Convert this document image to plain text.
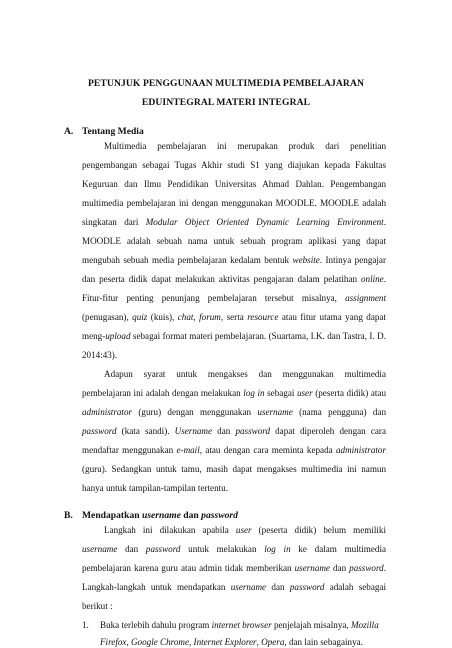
PETUNJUK PENGGUNAAN MULTIMEDIA PEMBELAJARAN
EDUINTEGRAL MATERI INTEGRAL
A. Tentang Media
Multimedia pembelajaran ini merupakan produk dari penelitian
pengembangan sebagai Tugas Akhir studi S1 yang diajukan kepada Fakultas
Keguruan dan Ilmu Pendidikan Universitas Ahmad Dahlan. Pengembangan
multimedia pembelajaran ini dengan menggunakan MOODLE. MOODLE adalah
singkatan dari Modular Object Oriented Dynamic Learning Environment.
MOODLE adalah sebuah nama untuk sebuah program aplikasi yang dapat
mengubah sebuah media pembelajaran kedalam bentuk website. Intinya pengajar
dan peserta didik dapat melakukan aktivitas pengajaran dalam pelatihan online.
Fitur-fitur penting penunjang pembelajaran tersebut misalnya, assignment
(penugasan), quiz (kuis), chat, forum, serta resource atau fitur utama yang dapat
meng-upload sebagai format materi pembelajaran. (Suartama, I.K. dan Tastra, I. D.
2014:43).
Adapun syarat untuk mengakses dan menggunakan multimedia
pembelajaran ini adalah dengan melakukan log in sebagai user (peserta didik) atau
administrator (guru) dengan menggunakan username (nama pengguna) dan
password (kata sandi). Username dan password dapat diperoleh dengan cara
mendaftar menggunakan e-mail, atau dengan cara meminta kepada administrator
(guru). Sedangkan untuk tamu, masih dapat mengakses multimedia ini namun
hanya untuk tampilan-tampilan tertentu.
B. Mendapatkan username dan password
Langkah ini dilakukan apabila user (peserta didik) belum memiliki
username dan password untuk melakukan log in ke dalam multimedia
pembelajaran karena guru atau admin tidak memberikan username dan password.
Langkah-langkah untuk mendapatkan username dan password adalah sebagai
berikut :
1. Buka terlebih dahulu program internet browser penjelajah misalnya, Mozilla
Firefox, Google Chrome, Internet Explorer, Opera, dan lain sebagainya.
